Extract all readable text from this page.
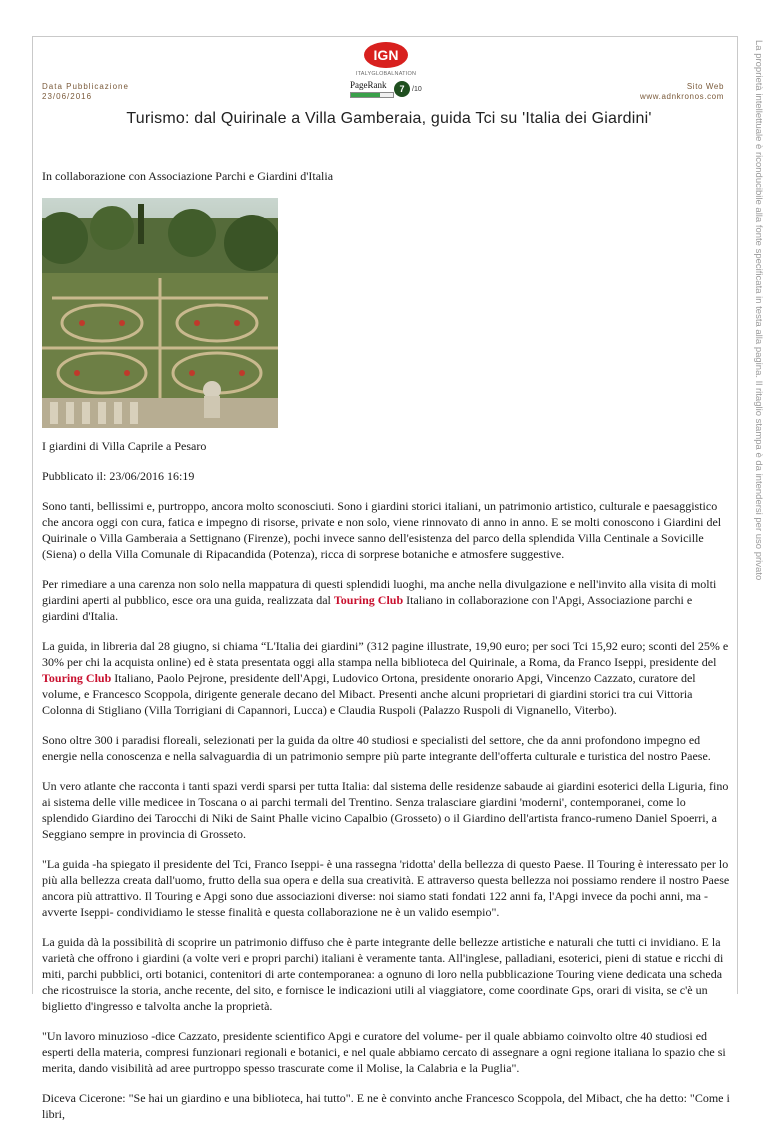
IGN
ITALYGLOBALNATION
Data Pubblicazione
23/06/2016
PageRank	7	/10	Sito Web
www.adnkronos.com
Turismo: dal Quirinale a Villa Gamberaia, guida Tci su 'Italia dei Giardini'	La proprietà intellettuale è riconducibile alla fonte specificata in testa alla pagina. Il ritaglio stampa è da intendersi per uso privato

In collaborazione con Associazione Parchi e Giardini d'Italia

I giardini di Villa Caprile a Pesaro

Pubblicato il: 23/06/2016 16:19

Sono tanti, bellissimi e, purtroppo, ancora molto sconosciuti. Sono i giardini storici italiani, un patrimonio artistico, culturale e paesaggistico che ancora oggi con cura, fatica e impegno di risorse, private e non solo, viene rinnovato di anno in anno. E se molti conoscono i Giardini del Quirinale o Villa Gamberaia a Settignano (Firenze), pochi invece sanno dell'esistenza del parco della splendida Villa Centinale a Sovicille (Siena) o della Villa Comunale di Ripacandida (Potenza), ricca di sorprese botaniche e atmosfere suggestive.

Per rimediare a una carenza non solo nella mappatura di questi splendidi luoghi, ma anche nella divulgazione e nell'invito alla visita di molti giardini aperti al pubblico, esce ora una guida, realizzata dal Touring Club Italiano in collaborazione con l'Apgi, Associazione parchi e giardini d'Italia.

La guida, in libreria dal 28 giugno, si chiama “L'Italia dei giardini” (312 pagine illustrate, 19,90 euro; per soci Tci 15,92 euro; sconti del 25% e 30% per chi la acquista online) ed è stata presentata oggi alla stampa nella biblioteca del Quirinale, a Roma, da Franco Iseppi, presidente del Touring Club Italiano, Paolo Pejrone, presidente dell'Apgi, Ludovico Ortona, presidente onorario Apgi, Vincenzo Cazzato, curatore del volume, e Francesco Scoppola, dirigente generale decano del Mibact. Presenti anche alcuni proprietari di giardini storici tra cui Vittoria Colonna di Stigliano (Villa Torrigiani di Capannori, Lucca) e Claudia Ruspoli (Palazzo Ruspoli di Vignanello, Viterbo).

Sono oltre 300 i paradisi floreali, selezionati per la guida da oltre 40 studiosi e specialisti del settore, che da anni profondono impegno ed energie nella conoscenza e nella salvaguardia di un patrimonio sempre più parte integrante dell'offerta culturale e turistica del nostro Paese.

Un vero atlante che racconta i tanti spazi verdi sparsi per tutta Italia: dal sistema delle residenze sabaude ai giardini esoterici della Liguria, fino ai sistema delle ville medicee in Toscana o ai parchi termali del Trentino. Senza tralasciare giardini 'moderni', contemporanei, come lo splendido Giardino dei Tarocchi di Niki de Saint Phalle vicino Capalbio (Grosseto) o il Giardino dell'artista franco-rumeno Daniel Spoerri, a Seggiano sempre in provincia di Grosseto.

"La guida -ha spiegato il presidente del Tci, Franco Iseppi- è una rassegna 'ridotta' della bellezza di questo Paese. Il Touring è interessato per lo più alla bellezza creata dall'uomo, frutto della sua opera e della sua creatività. E attraverso questa bellezza noi possiamo rendere il nostro Paese ancora più attrattivo. Il Touring e Apgi sono due associazioni diverse: noi siamo stati fondati 122 anni fa, l'Apgi invece da pochi anni, ma -avverte Iseppi- condividiamo le stesse finalità e questa collaborazione ne è un valido esempio".

La guida dà la possibilità di scoprire un patrimonio diffuso che è parte integrante delle bellezze artistiche e naturali che tutti ci invidiano. E la varietà che offrono i giardini (a volte veri e propri parchi) italiani è veramente tanta. All'inglese, palladiani, esoterici, pieni di statue e ricchi di miti, parchi pubblici, orti botanici, contenitori di arte contemporanea: a ognuno di loro nella pubblicazione Touring viene dedicata una scheda che ricostruisce la storia, anche recente, del sito, e fornisce le indicazioni utili al viaggiatore, come coordinate Gps, orari di visita, se c'è un biglietto d'ingresso e talvolta anche la proprietà.

"Un lavoro minuzioso -dice Cazzato, presidente scientifico Apgi e curatore del volume- per il quale abbiamo coinvolto oltre 40 studiosi ed esperti della materia, compresi funzionari regionali e botanici, e nel quale abbiamo cercato di assegnare a ogni regione italiana lo spazio che si merita, dando visibilità ad aree purtroppo spesso trascurate come il Molise, la Calabria e la Puglia".

Diceva Cicerone: "Se hai un giardino e una biblioteca, hai tutto". E ne è convinto anche Francesco Scoppola, del Mibact, che ha detto: "Come i libri,
